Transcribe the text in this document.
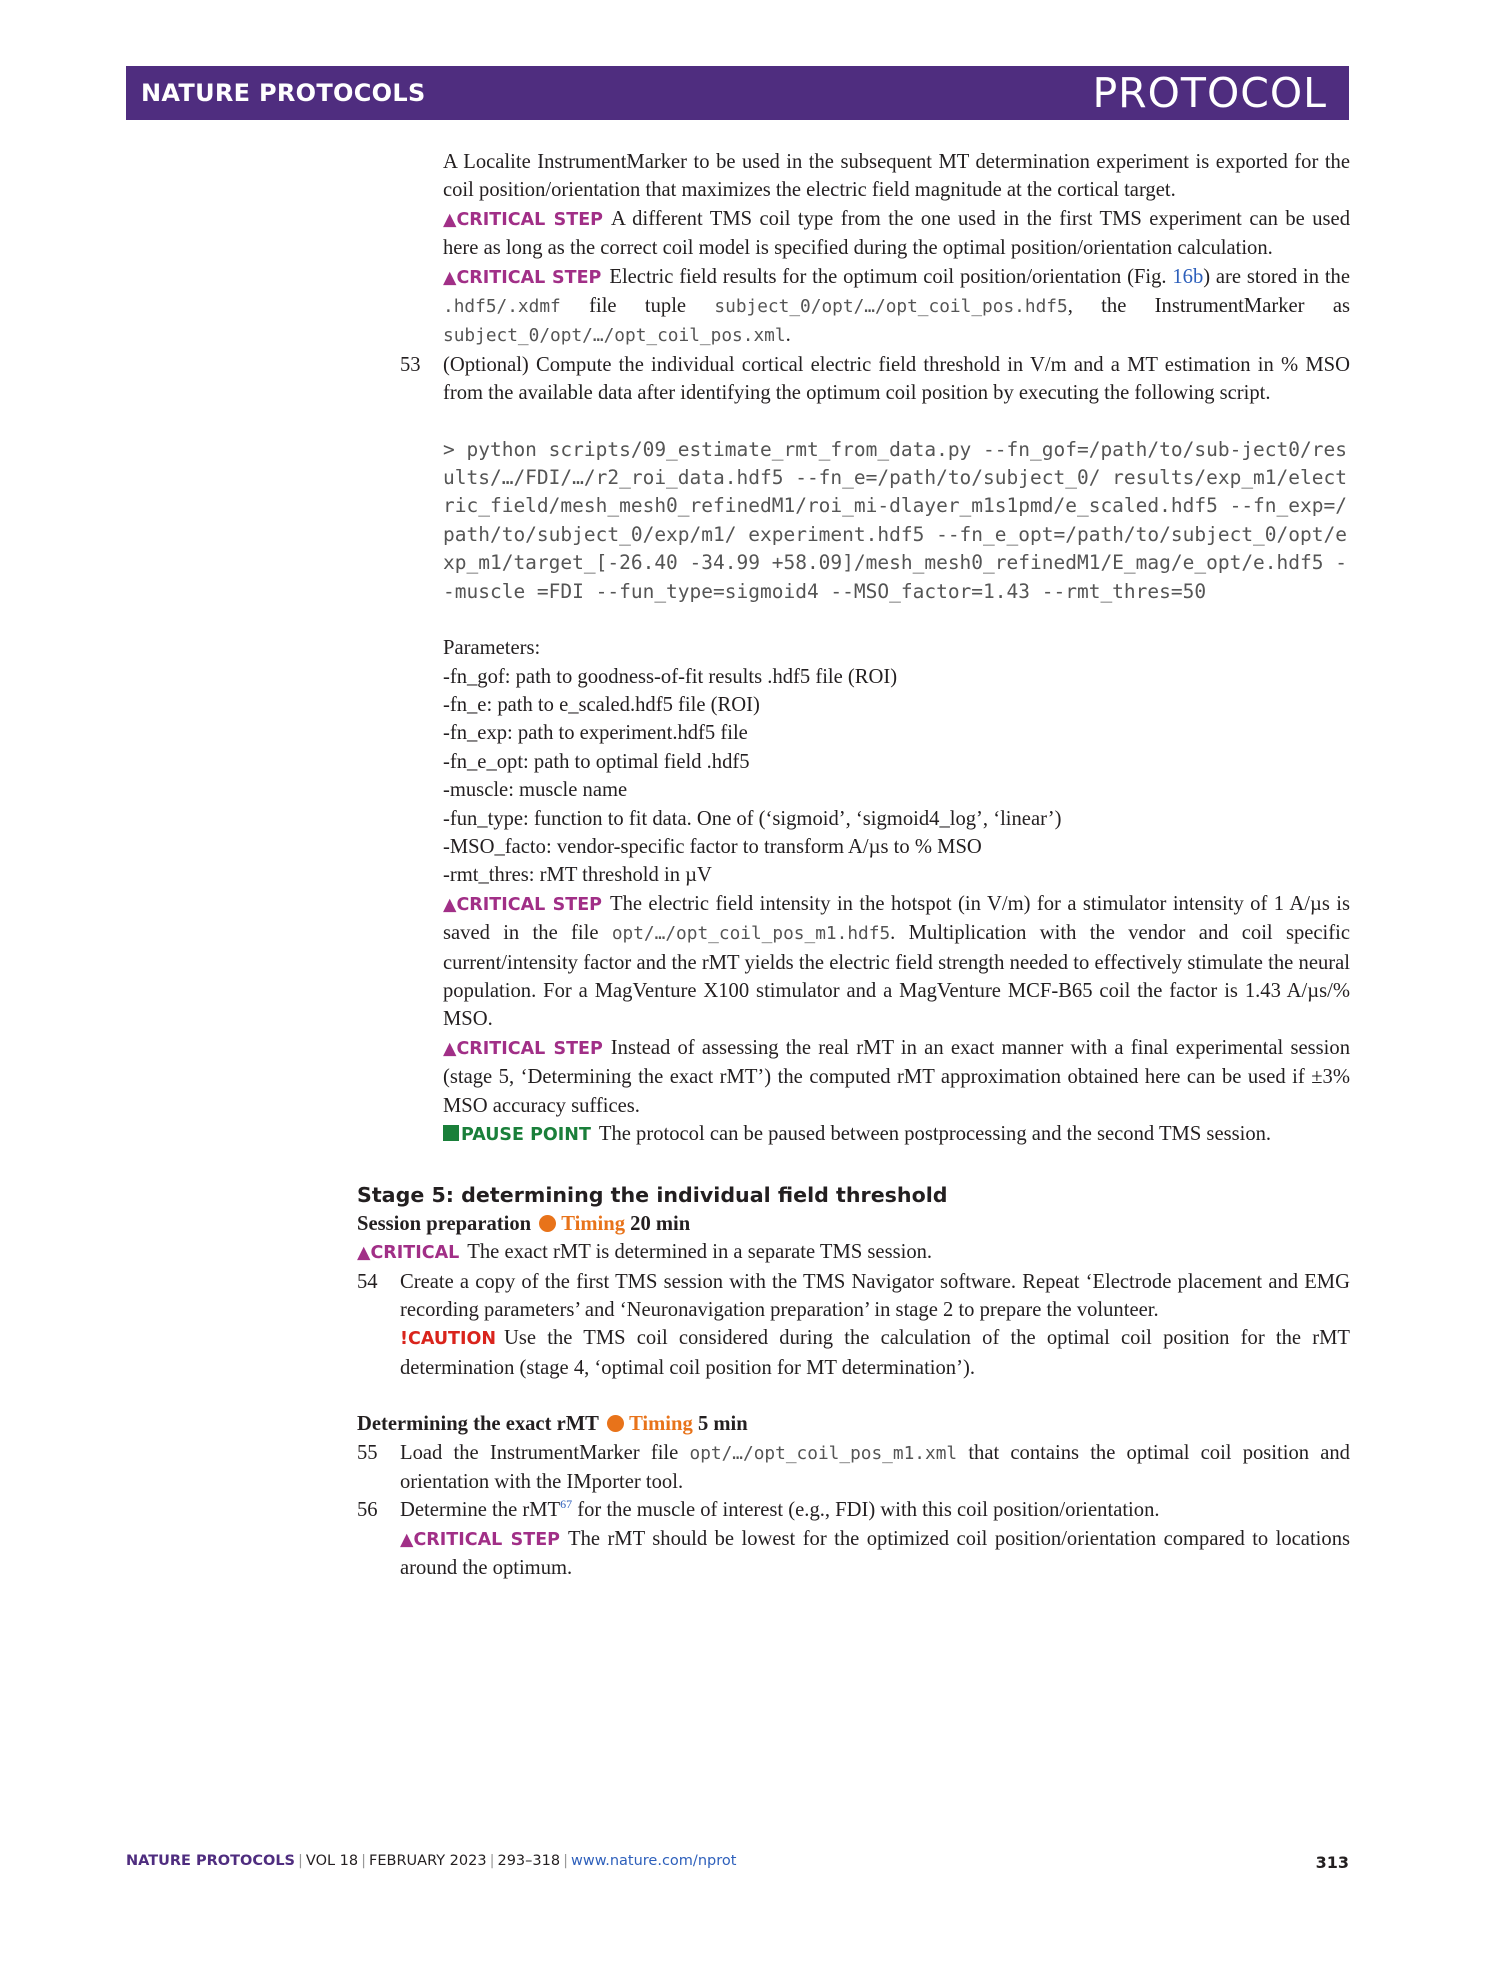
NATURE PROTOCOLS	PROTOCOL

A Localite InstrumentMarker to be used in the subsequent MT determination experiment is exported for the coil position/orientation that maximizes the electric field magnitude at the cortical target.

▲CRITICAL STEP A different TMS coil type from the one used in the first TMS experiment can be used here as long as the correct coil model is specified during the optimal position/orientation calculation.

▲CRITICAL STEP Electric field results for the optimum coil position/orientation (Fig. 16b) are stored in the .hdf5/.xdmf file tuple subject_0/opt/…/opt_coil_pos.hdf5, the InstrumentMarker as subject_0/opt/…/opt_coil_pos.xml.

53 (Optional) Compute the individual cortical electric field threshold in V/m and a MT estimation in % MSO from the available data after identifying the optimum coil position by executing the following script.

> python scripts/09_estimate_rmt_from_data.py --fn_gof=/path/to/sub-ject0/results/…/FDI/…/r2_roi_data.hdf5 --fn_e=/path/to/subject_0/ results/exp_m1/electric_field/mesh_mesh0_refinedM1/roi_mi-dlayer_m1s1pmd/e_scaled.hdf5 --fn_exp=/path/to/subject_0/exp/m1/ experiment.hdf5 --fn_e_opt=/path/to/subject_0/opt/exp_m1/target_[-26.40 -34.99 +58.09]/mesh_mesh0_refinedM1/E_mag/e_opt/e.hdf5 --muscle =FDI --fun_type=sigmoid4 --MSO_factor=1.43 --rmt_thres=50

Parameters:

-fn_gof: path to goodness-of-fit results .hdf5 file (ROI)

-fn_e: path to e_scaled.hdf5 file (ROI)

-fn_exp: path to experiment.hdf5 file

-fn_e_opt: path to optimal field .hdf5

-muscle: muscle name

-fun_type: function to fit data. One of (‘sigmoid’, ‘sigmoid4_log’, ‘linear’)

-MSO_facto: vendor-specific factor to transform A/µs to % MSO

-rmt_thres: rMT threshold in µV

▲CRITICAL STEP The electric field intensity in the hotspot (in V/m) for a stimulator intensity of 1 A/µs is saved in the file opt/…/opt_coil_pos_m1.hdf5. Multiplication with the vendor and coil specific current/intensity factor and the rMT yields the electric field strength needed to effectively stimulate the neural population. For a MagVenture X100 stimulator and a MagVenture MCF-B65 coil the factor is 1.43 A/µs/% MSO.

▲CRITICAL STEP Instead of assessing the real rMT in an exact manner with a final experimental session (stage 5, ‘Determining the exact rMT’) the computed rMT approximation obtained here can be used if ±3% MSO accuracy suffices.

PAUSE POINT The protocol can be paused between postprocessing and the second TMS session.

Stage 5: determining the individual field threshold

Session preparation Timing 20 min

▲CRITICAL The exact rMT is determined in a separate TMS session.

54 Create a copy of the first TMS session with the TMS Navigator software. Repeat ‘Electrode placement and EMG recording parameters’ and ‘Neuronavigation preparation’ in stage 2 to prepare the volunteer.

!CAUTION Use the TMS coil considered during the calculation of the optimal coil position for the rMT determination (stage 4, ‘optimal coil position for MT determination’).

Determining the exact rMT Timing 5 min

55 Load the InstrumentMarker file opt/…/opt_coil_pos_m1.xml that contains the optimal coil position and orientation with the IMporter tool.

56 Determine the rMT$^{67}$ for the muscle of interest (e.g., FDI) with this coil position/orientation.

▲CRITICAL STEP The rMT should be lowest for the optimized coil position/orientation compared to locations around the optimum.

NATURE PROTOCOLS | VOL 18 | FEBRUARY 2023 | 293–318 | www.nature.com/nprot	313
